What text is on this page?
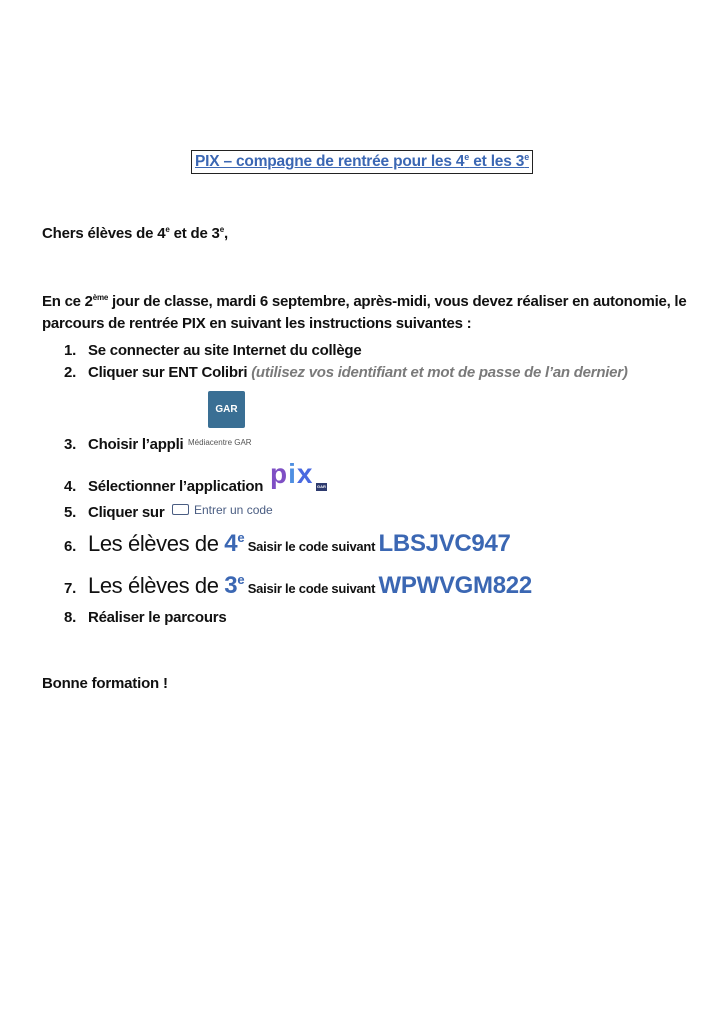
PIX – compagne de rentrée pour les 4e et les 3e
Chers élèves de 4e et de 3e,
En ce 2ème jour de classe, mardi 6 septembre, après-midi, vous devez réaliser en autonomie, le parcours de rentrée PIX en suivant les instructions suivantes :
1. Se connecter au site Internet du collège
2. Cliquer sur ENT Colibri (utilisez vos identifiant et mot de passe de l’an dernier)
3. Choisir l’appli
GAR
Médiacentre GAR
4. Sélectionner l’application pix GAR
5. Cliquer sur	Entrer un code
6. Les élèves de 4e Saisir le code suivant LBSJVC947
7. Les élèves de 3e Saisir le code suivant WPWVGM822
8. Réaliser le parcours
Bonne formation !
